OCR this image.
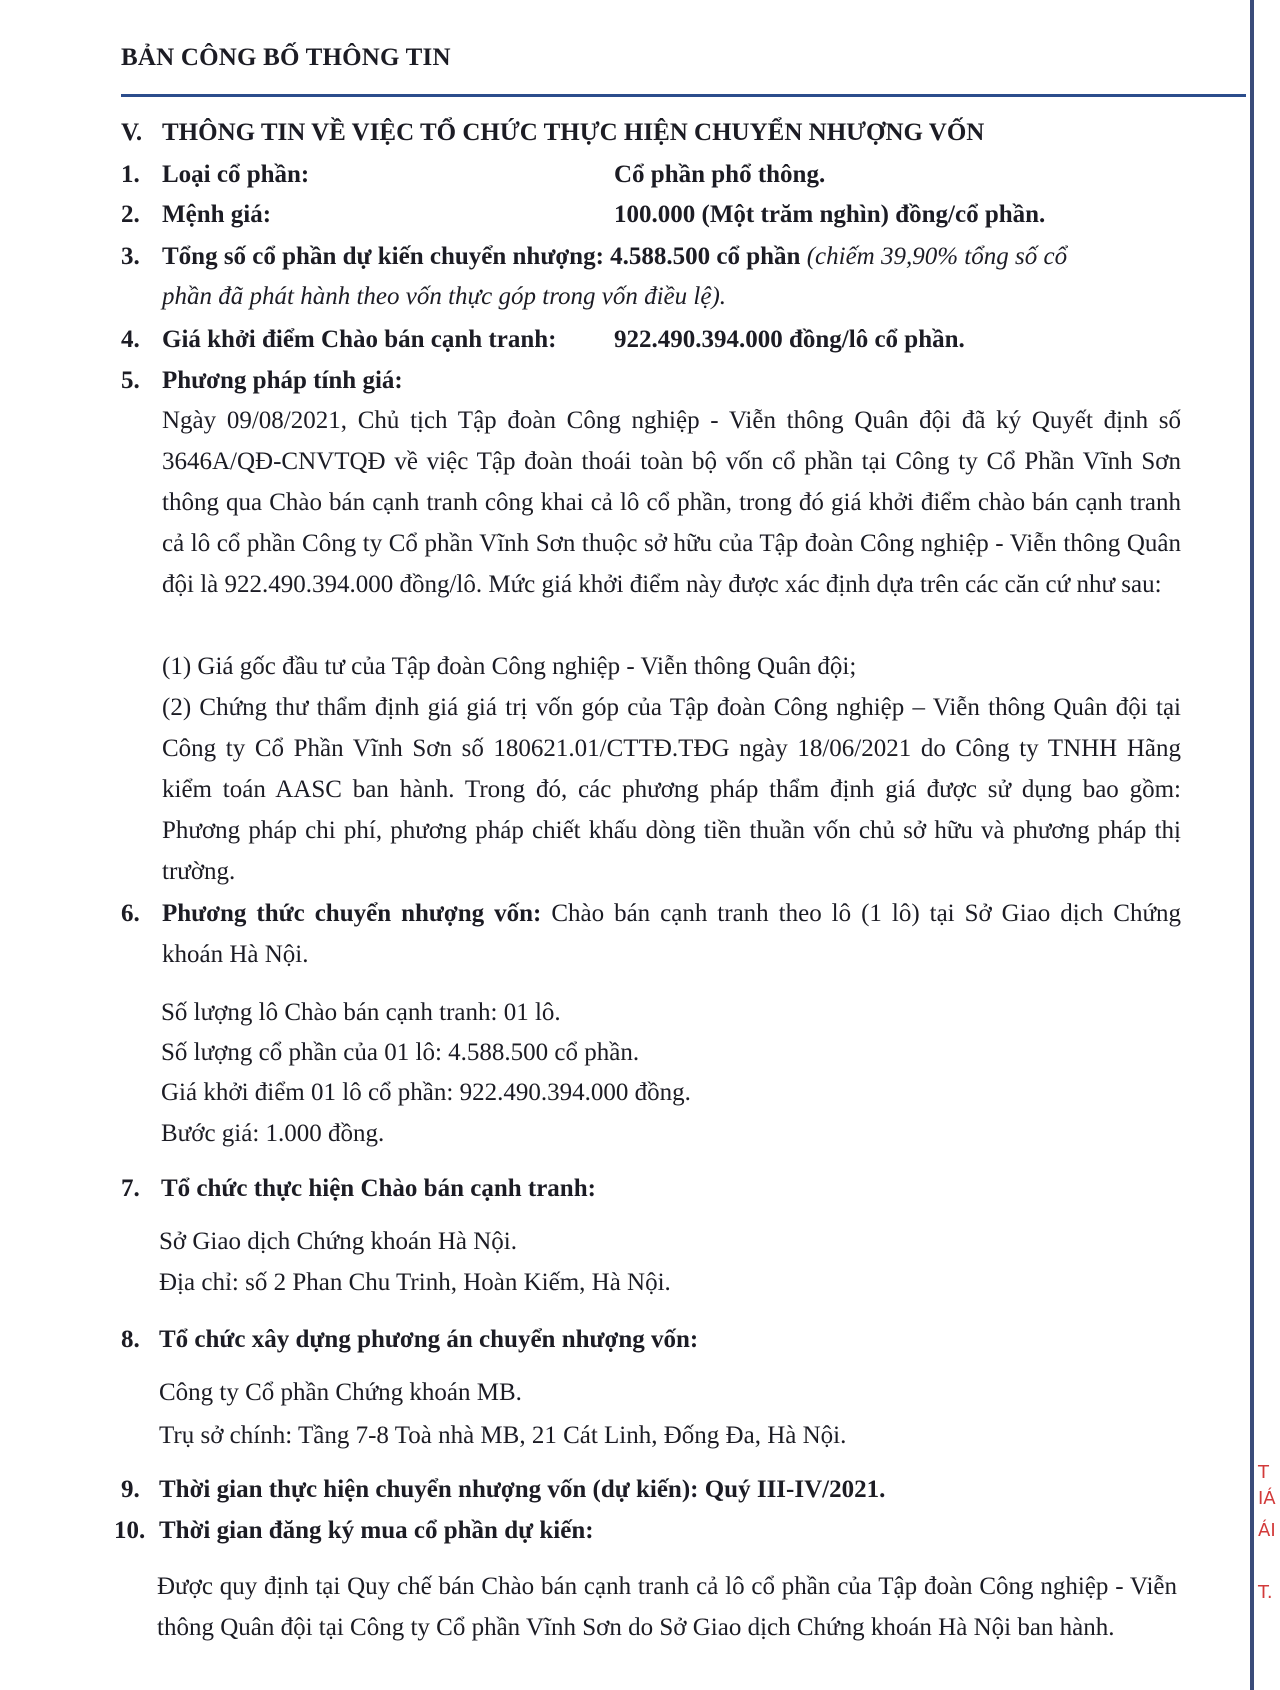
BẢN CÔNG BỐ THÔNG TIN
T
IÁ
ÁI
T.
V. THÔNG TIN VỀ VIỆC TỔ CHỨC THỰC HIỆN CHUYỂN NHƯỢNG VỐN
1. Loại cổ phần:	Cổ phần phổ thông.
2. Mệnh giá:	100.000 (Một trăm nghìn) đồng/cổ phần.
3. Tổng số cổ phần dự kiến chuyển nhượng: 4.588.500 cổ phần (chiếm 39,90% tổng số cổ
phần đã phát hành theo vốn thực góp trong vốn điều lệ).
4. Giá khởi điểm Chào bán cạnh tranh: 922.490.394.000 đồng/lô cổ phần.
5. Phương pháp tính giá:
Ngày 09/08/2021, Chủ tịch Tập đoàn Công nghiệp - Viễn thông Quân đội đã ký Quyết định số 3646A/QĐ-CNVTQĐ về việc Tập đoàn thoái toàn bộ vốn cổ phần tại Công ty Cổ Phần Vĩnh Sơn thông qua Chào bán cạnh tranh công khai cả lô cổ phần, trong đó giá khởi điểm chào bán cạnh tranh cả lô cổ phần Công ty Cổ phần Vĩnh Sơn thuộc sở hữu của Tập đoàn Công nghiệp - Viễn thông Quân đội là 922.490.394.000 đồng/lô. Mức giá khởi điểm này được xác định dựa trên các căn cứ như sau:
(1) Giá gốc đầu tư của Tập đoàn Công nghiệp - Viễn thông Quân đội;
(2) Chứng thư thẩm định giá giá trị vốn góp của Tập đoàn Công nghiệp – Viễn thông Quân đội tại Công ty Cổ Phần Vĩnh Sơn số 180621.01/CTTĐ.TĐG ngày 18/06/2021 do Công ty TNHH Hãng kiểm toán AASC ban hành. Trong đó, các phương pháp thẩm định giá được sử dụng bao gồm: Phương pháp chi phí, phương pháp chiết khấu dòng tiền thuần vốn chủ sở hữu và phương pháp thị trường.
6. Phương thức chuyển nhượng vốn: Chào bán cạnh tranh theo lô (1 lô) tại Sở Giao dịch Chứng khoán Hà Nội.
Số lượng lô Chào bán cạnh tranh: 01 lô.
Số lượng cổ phần của 01 lô: 4.588.500 cổ phần.
Giá khởi điểm 01 lô cổ phần: 922.490.394.000 đồng.
Bước giá: 1.000 đồng.
7. Tổ chức thực hiện Chào bán cạnh tranh:
Sở Giao dịch Chứng khoán Hà Nội.
Địa chỉ: số 2 Phan Chu Trinh, Hoàn Kiếm, Hà Nội.
8. Tổ chức xây dựng phương án chuyển nhượng vốn:
Công ty Cổ phần Chứng khoán MB.
Trụ sở chính: Tầng 7-8 Toà nhà MB, 21 Cát Linh, Đống Đa, Hà Nội.
9. Thời gian thực hiện chuyển nhượng vốn (dự kiến): Quý III-IV/2021.
10. Thời gian đăng ký mua cổ phần dự kiến:
Được quy định tại Quy chế bán Chào bán cạnh tranh cả lô cổ phần của Tập đoàn Công nghiệp - Viễn thông Quân đội tại Công ty Cổ phần Vĩnh Sơn do Sở Giao dịch Chứng khoán Hà Nội ban hành.
